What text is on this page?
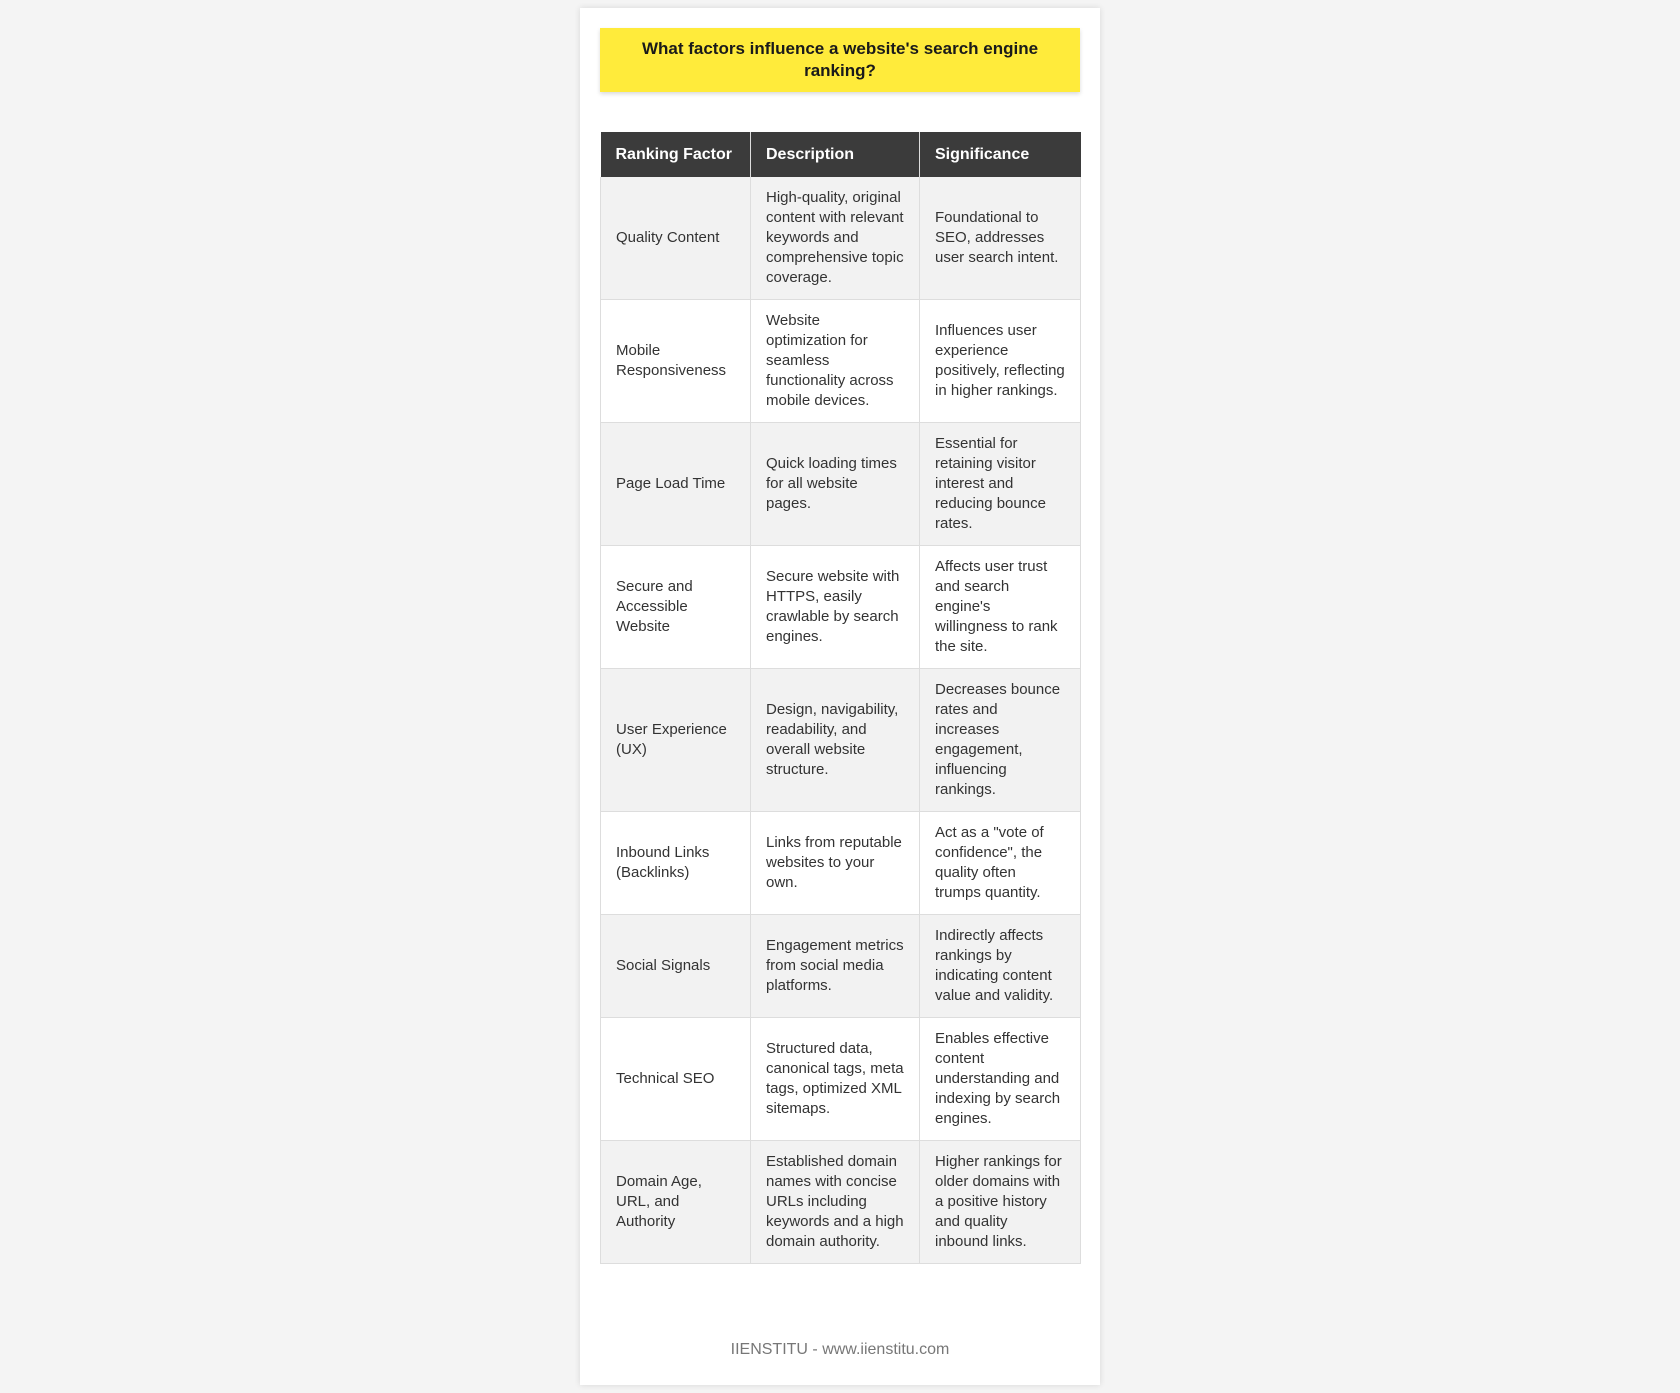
What factors influence a website's search engine ranking?
Ranking Factor	Description	Significance
Quality Content	High-quality, original content with relevant keywords and comprehensive topic coverage.	Foundational to SEO, addresses user search intent.
Mobile Responsiveness	Website optimization for seamless functionality across mobile devices.	Influences user experience positively, reflecting in higher rankings.
Page Load Time	Quick loading times for all website pages.	Essential for retaining visitor interest and reducing bounce rates.
Secure and Accessible Website	Secure website with HTTPS, easily crawlable by search engines.	Affects user trust and search engine's willingness to rank the site.
User Experience (UX)	Design, navigability, readability, and overall website structure.	Decreases bounce rates and increases engagement, influencing rankings.
Inbound Links (Backlinks)	Links from reputable websites to your own.	Act as a "vote of confidence", the quality often trumps quantity.
Social Signals	Engagement metrics from social media platforms.	Indirectly affects rankings by indicating content value and validity.
Technical SEO	Structured data, canonical tags, meta tags, optimized XML sitemaps.	Enables effective content understanding and indexing by search engines.
Domain Age, URL, and Authority	Established domain names with concise URLs including keywords and a high domain authority.	Higher rankings for older domains with a positive history and quality inbound links.
IIENSTITU - www.iienstitu.com
